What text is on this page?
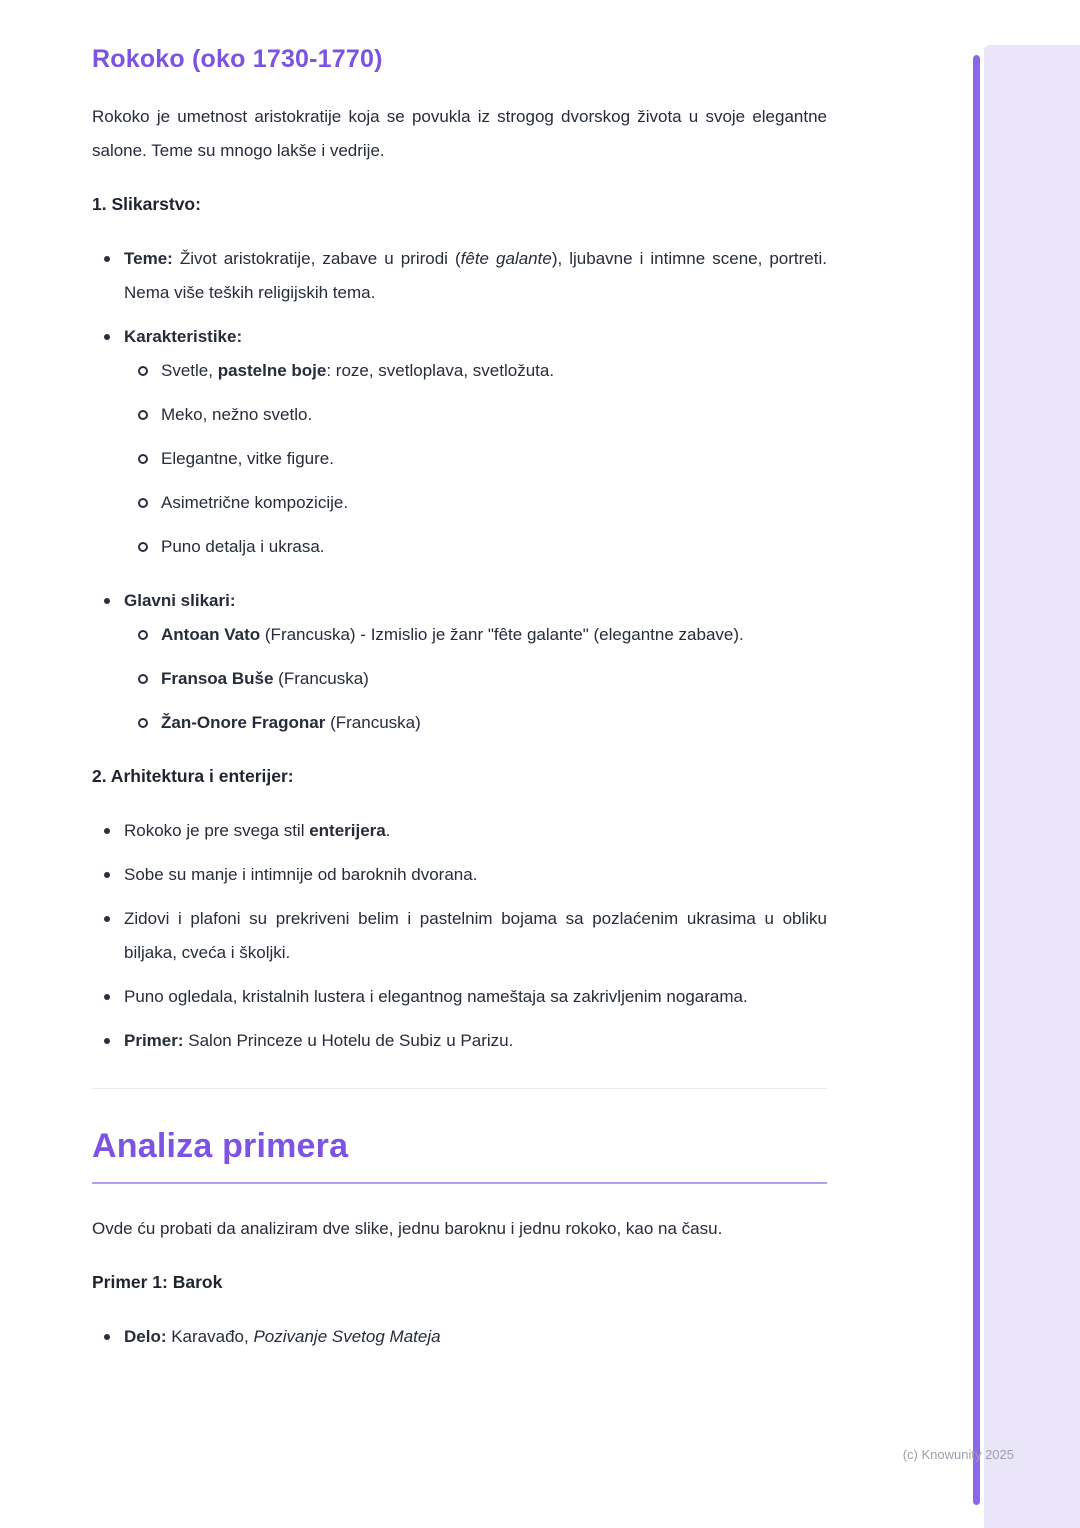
Rokoko (oko 1730-1770)

Rokoko je umetnost aristokratije koja se povukla iz strogog dvorskog života u svoje elegantne salone. Teme su mnogo lakše i vedrije.

1. Slikarstvo:
Teme: Život aristokratije, zabave u prirodi (fête galante), ljubavne i intimne scene, portreti. Nema više teških religijskih tema.
Karakteristike:
Svetle, pastelne boje: roze, svetloplava, svetložuta.
Meko, nežno svetlo.
Elegantne, vitke figure.
Asimetrične kompozicije.
Puno detalja i ukrasa.
Glavni slikari:
Antoan Vato (Francuska) - Izmislio je žanr "fête galante" (elegantne zabave).
Fransoa Buše (Francuska)
Žan-Onore Fragonar (Francuska)
2. Arhitektura i enterijer:
Rokoko je pre svega stil enterijera.
Sobe su manje i intimnije od baroknih dvorana.
Zidovi i plafoni su prekriveni belim i pastelnim bojama sa pozlaćenim ukrasima u obliku biljaka, cveća i školjki.
Puno ogledala, kristalnih lustera i elegantnog nameštaja sa zakrivljenim nogarama.
Primer: Salon Princeze u Hotelu de Subiz u Parizu.
Analiza primera

Ovde ću probati da analiziram dve slike, jednu baroknu i jednu rokoko, kao na času.

Primer 1: Barok
Delo: Karavađo, Pozivanje Svetog Mateja
(c) Knowunity 2025
